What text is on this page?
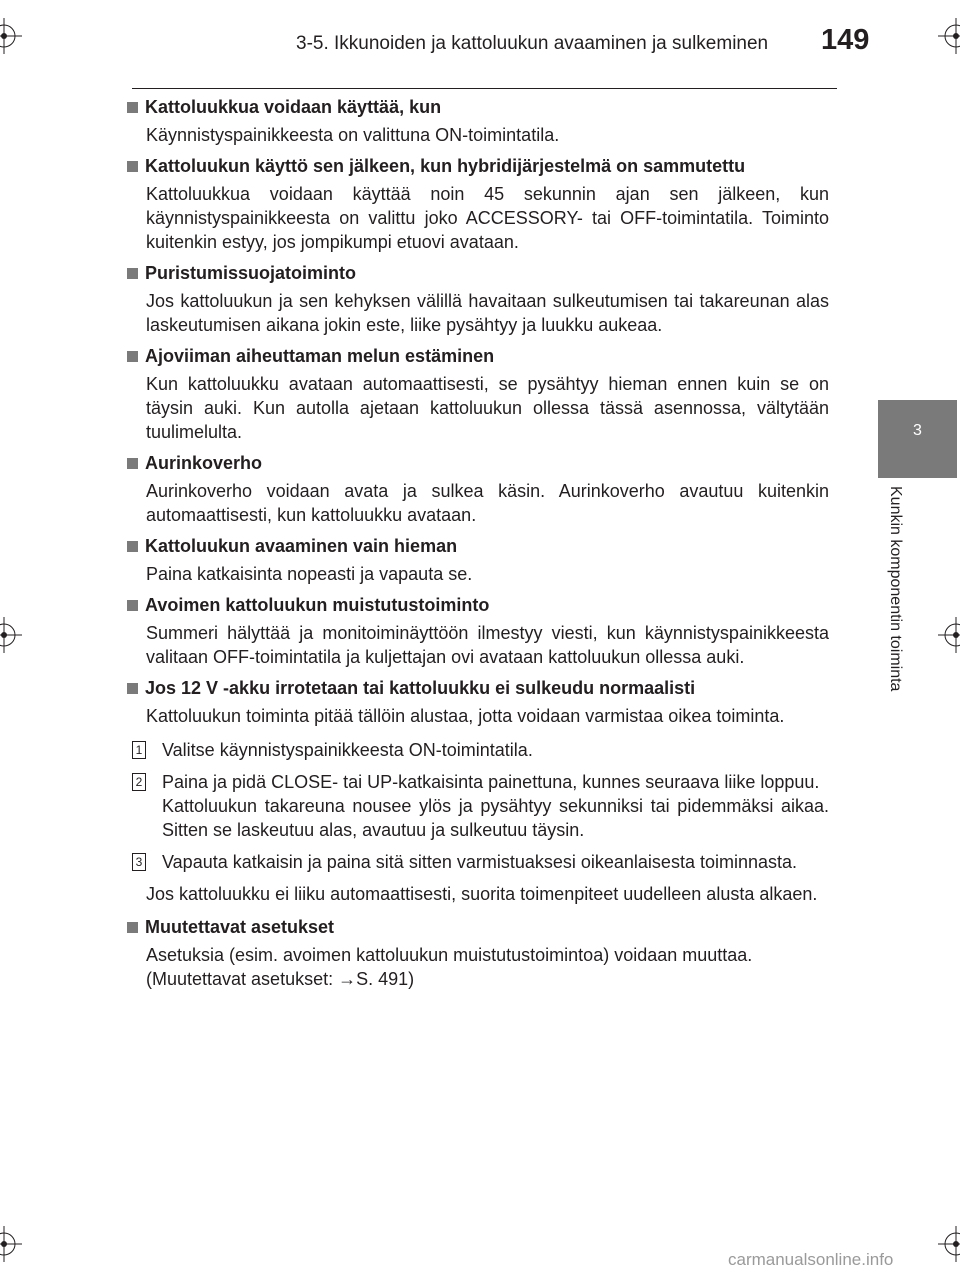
3-5. Ikkunoiden ja kattoluukun avaaminen ja sulkeminen 149
3
Kunkin komponentin toiminta
Kattoluukkua voidaan käyttää, kun

Käynnistyspainikkeesta on valittuna ON-toimintatila.

Kattoluukun käyttö sen jälkeen, kun hybridijärjestelmä on sammutettu

Kattoluukkua voidaan käyttää noin 45 sekunnin ajan sen jälkeen, kun käynnistyspainikkeesta on valittu joko ACCESSORY- tai OFF-toimintatila. Toiminto kuitenkin estyy, jos jompikumpi etuovi avataan.

Puristumissuojatoiminto

Jos kattoluukun ja sen kehyksen välillä havaitaan sulkeutumisen tai takareunan alas laskeutumisen aikana jokin este, liike pysähtyy ja luukku aukeaa.

Ajoviiman aiheuttaman melun estäminen

Kun kattoluukku avataan automaattisesti, se pysähtyy hieman ennen kuin se on täysin auki. Kun autolla ajetaan kattoluukun ollessa tässä asennossa, vältytään tuulimelulta.

Aurinkoverho

Aurinkoverho voidaan avata ja sulkea käsin. Aurinkoverho avautuu kuitenkin automaattisesti, kun kattoluukku avataan.

Kattoluukun avaaminen vain hieman

Paina katkaisinta nopeasti ja vapauta se.

Avoimen kattoluukun muistutustoiminto

Summeri hälyttää ja monitoiminäyttöön ilmestyy viesti, kun käynnistyspainikkeesta valitaan OFF-toimintatila ja kuljettajan ovi avataan kattoluukun ollessa auki.

Jos 12 V -akku irrotetaan tai kattoluukku ei sulkeudu normaalisti

Kattoluukun toiminta pitää tällöin alustaa, jotta voidaan varmistaa oikea toiminta.

1 Valitse käynnistyspainikkeesta ON-toimintatila.

2 Paina ja pidä CLOSE- tai UP-katkaisinta painettuna, kunnes seuraava liike loppuu.

Kattoluukun takareuna nousee ylös ja pysähtyy sekunniksi tai pidemmäksi aikaa. Sitten se laskeutuu alas, avautuu ja sulkeutuu täysin.

3 Vapauta katkaisin ja paina sitä sitten varmistuaksesi oikeanlaisesta toiminnasta.

Jos kattoluukku ei liiku automaattisesti, suorita toimenpiteet uudelleen alusta alkaen.
Muutettavat asetukset

Asetuksia (esim. avoimen kattoluukun muistutustoimintoa) voidaan muuttaa.

(Muutettavat asetukset: →S. 491)

carmanualsonline.info
